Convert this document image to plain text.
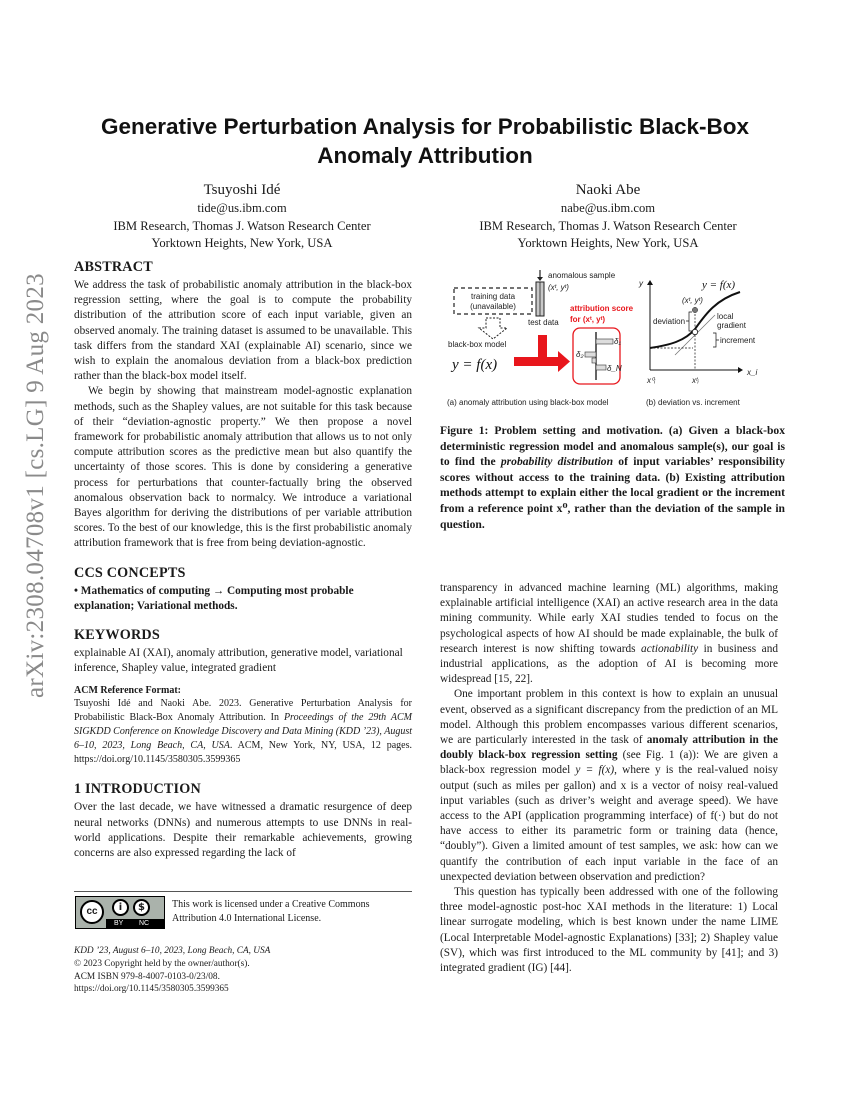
arXiv:2308.04708v1 [cs.LG] 9 Aug 2023
Generative Perturbation Analysis for Probabilistic Black-Box Anomaly Attribution
Tsuyoshi Idé
tide@us.ibm.com
IBM Research, Thomas J. Watson Research Center
Yorktown Heights, New York, USA
Naoki Abe
nabe@us.ibm.com
IBM Research, Thomas J. Watson Research Center
Yorktown Heights, New York, USA
ABSTRACT

We address the task of probabilistic anomaly attribution in the black-box regression setting, where the goal is to compute the probability distribution of the attribution score of each input variable, given an observed anomaly. The training dataset is assumed to be unavailable. This task differs from the standard XAI (explainable AI) scenario, since we wish to explain the anomalous deviation from a black-box prediction rather than the black-box model itself.

We begin by showing that mainstream model-agnostic explanation methods, such as the Shapley values, are not suitable for this task because of their “deviation-agnostic property.” We then propose a novel framework for probabilistic anomaly attribution that allows us to not only compute attribution scores as the predictive mean but also quantify the uncertainty of those scores. This is done by considering a generative process for perturbations that counter-factually bring the observed anomalous observation back to normalcy. We introduce a variational Bayes algorithm for deriving the distributions of per variable attribution scores. To the best of our knowledge, this is the first probabilistic anomaly attribution framework that is free from being deviation-agnostic.

CCS CONCEPTS

• Mathematics of computing → Computing most probable explanation; Variational methods.

KEYWORDS

explainable AI (XAI), anomaly attribution, generative model, variational inference, Shapley value, integrated gradient

ACM Reference Format:

Tsuyoshi Idé and Naoki Abe. 2023. Generative Perturbation Analysis for Probabilistic Black-Box Anomaly Attribution. In Proceedings of the 29th ACM SIGKDD Conference on Knowledge Discovery and Data Mining (KDD ’23), August 6–10, 2023, Long Beach, CA, USA. ACM, New York, NY, USA, 12 pages. https://doi.org/10.1145/3580305.3599365

1 INTRODUCTION

Over the last decade, we have witnessed a dramatic resurgence of deep neural networks (DNNs) and numerous attempts to use DNNs in real-world applications. Despite their remarkable achievements, growing concerns are also expressed regarding the lack of

cc	i	$
BY NC
This work is licensed under a Creative Commons Attribution 4.0 International License.
KDD ’23, August 6–10, 2023, Long Beach, CA, USA
© 2023 Copyright held by the owner/author(s).
ACM ISBN 979-8-4007-0103-0/23/08.
https://doi.org/10.1145/3580305.3599365
training data
(unavailable)
anomalous sample
(xᵗ, yᵗ)
test data
attribution score
for (xᵗ, yᵗ)
black-box model
y = f(x)
δ₁
δ₂
δ_N
(a) anomaly attribution using black-box model
y	y = f(x)
(xᵗ, yᵗ)
deviation
local
gradient
increment
x_i
x⁰ᵢ	xᵗᵢ
(b) deviation vs. increment
Figure 1: Problem setting and motivation. (a) Given a black-box deterministic regression model and anomalous sample(s), our goal is to find the probability distribution of input variables’ responsibility scores without access to the training data. (b) Existing attribution methods attempt to explain either the local gradient or the increment from a reference point x⁰, rather than the deviation of the sample in question.

transparency in advanced machine learning (ML) algorithms, making explainable artificial intelligence (XAI) an active research area in the data mining community. While early XAI studies tended to focus on the psychological aspects of how AI should be made explainable, the bulk of research interest is now shifting towards actionability in business and industrial applications, as the adoption of AI is becoming more widespread [15, 22].

One important problem in this context is how to explain an unusual event, observed as a significant discrepancy from the prediction of an ML model. Although this problem encompasses various different scenarios, we are particularly interested in the task of anomaly attribution in the doubly black-box regression setting (see Fig. 1 (a)): We are given a black-box regression model y = f(x), where y is the real-valued noisy output (such as miles per gallon) and x is a vector of noisy real-valued input variables (such as driver’s weight and average speed). We have access to the API (application programming interface) of f(·) but do not have access to either its parametric form or training data (hence, “doubly”). Given a limited amount of test samples, we ask: how can we quantify the contribution of each input variable in the face of an unexpected deviation between observation and prediction?

This question has typically been addressed with one of the following three model-agnostic post-hoc XAI methods in the literature: 1) Local linear surrogate modeling, which is best known under the name LIME (Local Interpretable Model-agnostic Explanations) [33]; 2) Shapley value (SV), which was first introduced to the ML community by [41]; and 3) integrated gradient (IG) [44].
